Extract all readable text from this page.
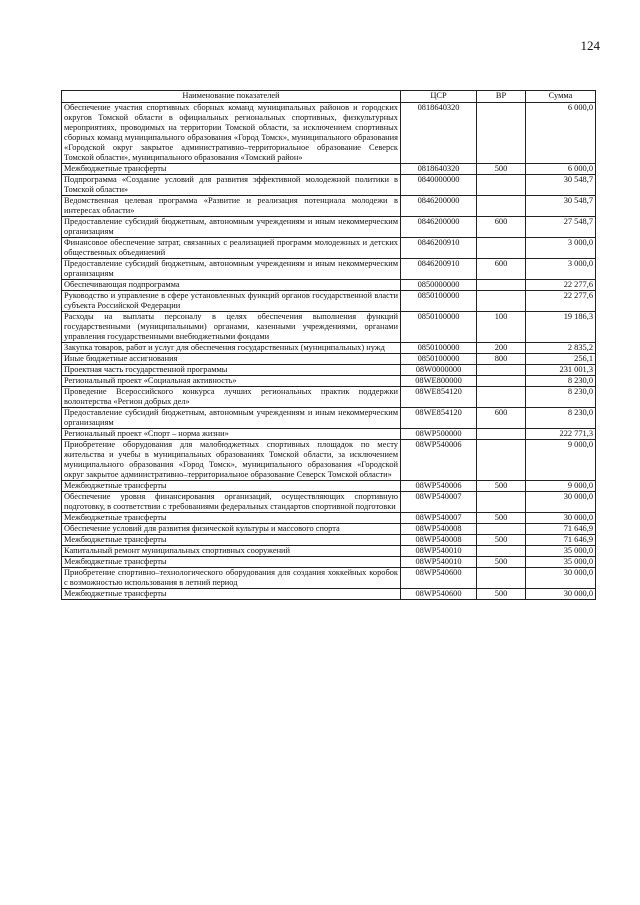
124
Наименование показателей	ЦСР	ВР	Сумма
Обеспечение участия спортивных сборных команд муниципальных районов и городских округов Томской области в официальных региональных спортивных, физкультурных мероприятиях, проводимых на территории Томской области, за исключением спортивных сборных команд муниципального образования «Город Томск», муниципального образования «Городской округ закрытое административно–территориальное образование Северск Томской области», муниципального образования «Томский район»	0818640320		6 000,0
Межбюджетные трансферты	0818640320	500	6 000,0
Подпрограмма «Создание условий для развития эффективной молодежной политики в Томской области»	0840000000		30 548,7
Ведомственная целевая программа «Развитие и реализация потенциала молодежи в интересах области»	0846200000		30 548,7
Предоставление субсидий бюджетным, автономным учреждениям и иным некоммерческим организациям	0846200000	600	27 548,7
Финансовое обеспечение затрат, связанных с реализацией программ молодежных и детских общественных объединений	0846200910		3 000,0
Предоставление субсидий бюджетным, автономным учреждениям и иным некоммерческим организациям	0846200910	600	3 000,0
Обеспечивающая подпрограмма	0850000000		22 277,6
Руководство и управление в сфере установленных функций органов государственной власти субъекта Российской Федерации	0850100000		22 277,6
Расходы на выплаты персоналу в целях обеспечения выполнения функций государственными (муниципальными) органами, казенными учреждениями, органами управления государственными внебюджетными фондами	0850100000	100	19 186,3
Закупка товаров, работ и услуг для обеспечения государственных (муниципальных) нужд	0850100000	200	2 835,2
Иные бюджетные ассигнования	0850100000	800	256,1
Проектная часть государственной программы	08W0000000		231 001,3
Региональный проект «Социальная активность»	08WE800000		8 230,0
Проведение Всероссийского конкурса лучших региональных практик поддержки волонтерства «Регион добрых дел»	08WE854120		8 230,0
Предоставление субсидий бюджетным, автономным учреждениям и иным некоммерческим организациям	08WE854120	600	8 230,0
Региональный проект «Спорт – норма жизни»	08WP500000		222 771,3
Приобретение оборудования для малобюджетных спортивных площадок по месту жительства и учебы в муниципальных образованиях Томской области, за исключением муниципального образования «Город Томск», муниципального образования «Городской округ закрытое административно–территориальное образование Северск Томской области»	08WP540006		9 000,0
Межбюджетные трансферты	08WP540006	500	9 000,0
Обеспечение уровня финансирования организаций, осуществляющих спортивную подготовку, в соответствии с требованиями федеральных стандартов спортивной подготовки	08WP540007		30 000,0
Межбюджетные трансферты	08WP540007	500	30 000,0
Обеспечение условий для развития физической культуры и массового спорта	08WP540008		71 646,9
Межбюджетные трансферты	08WP540008	500	71 646,9
Капитальный ремонт муниципальных спортивных сооружений	08WP540010		35 000,0
Межбюджетные трансферты	08WP540010	500	35 000,0
Приобретение спортивно–технологического оборудования для создания хоккейных коробок с возможностью использования в летний период	08WP540600		30 000,0
Межбюджетные трансферты	08WP540600	500	30 000,0
